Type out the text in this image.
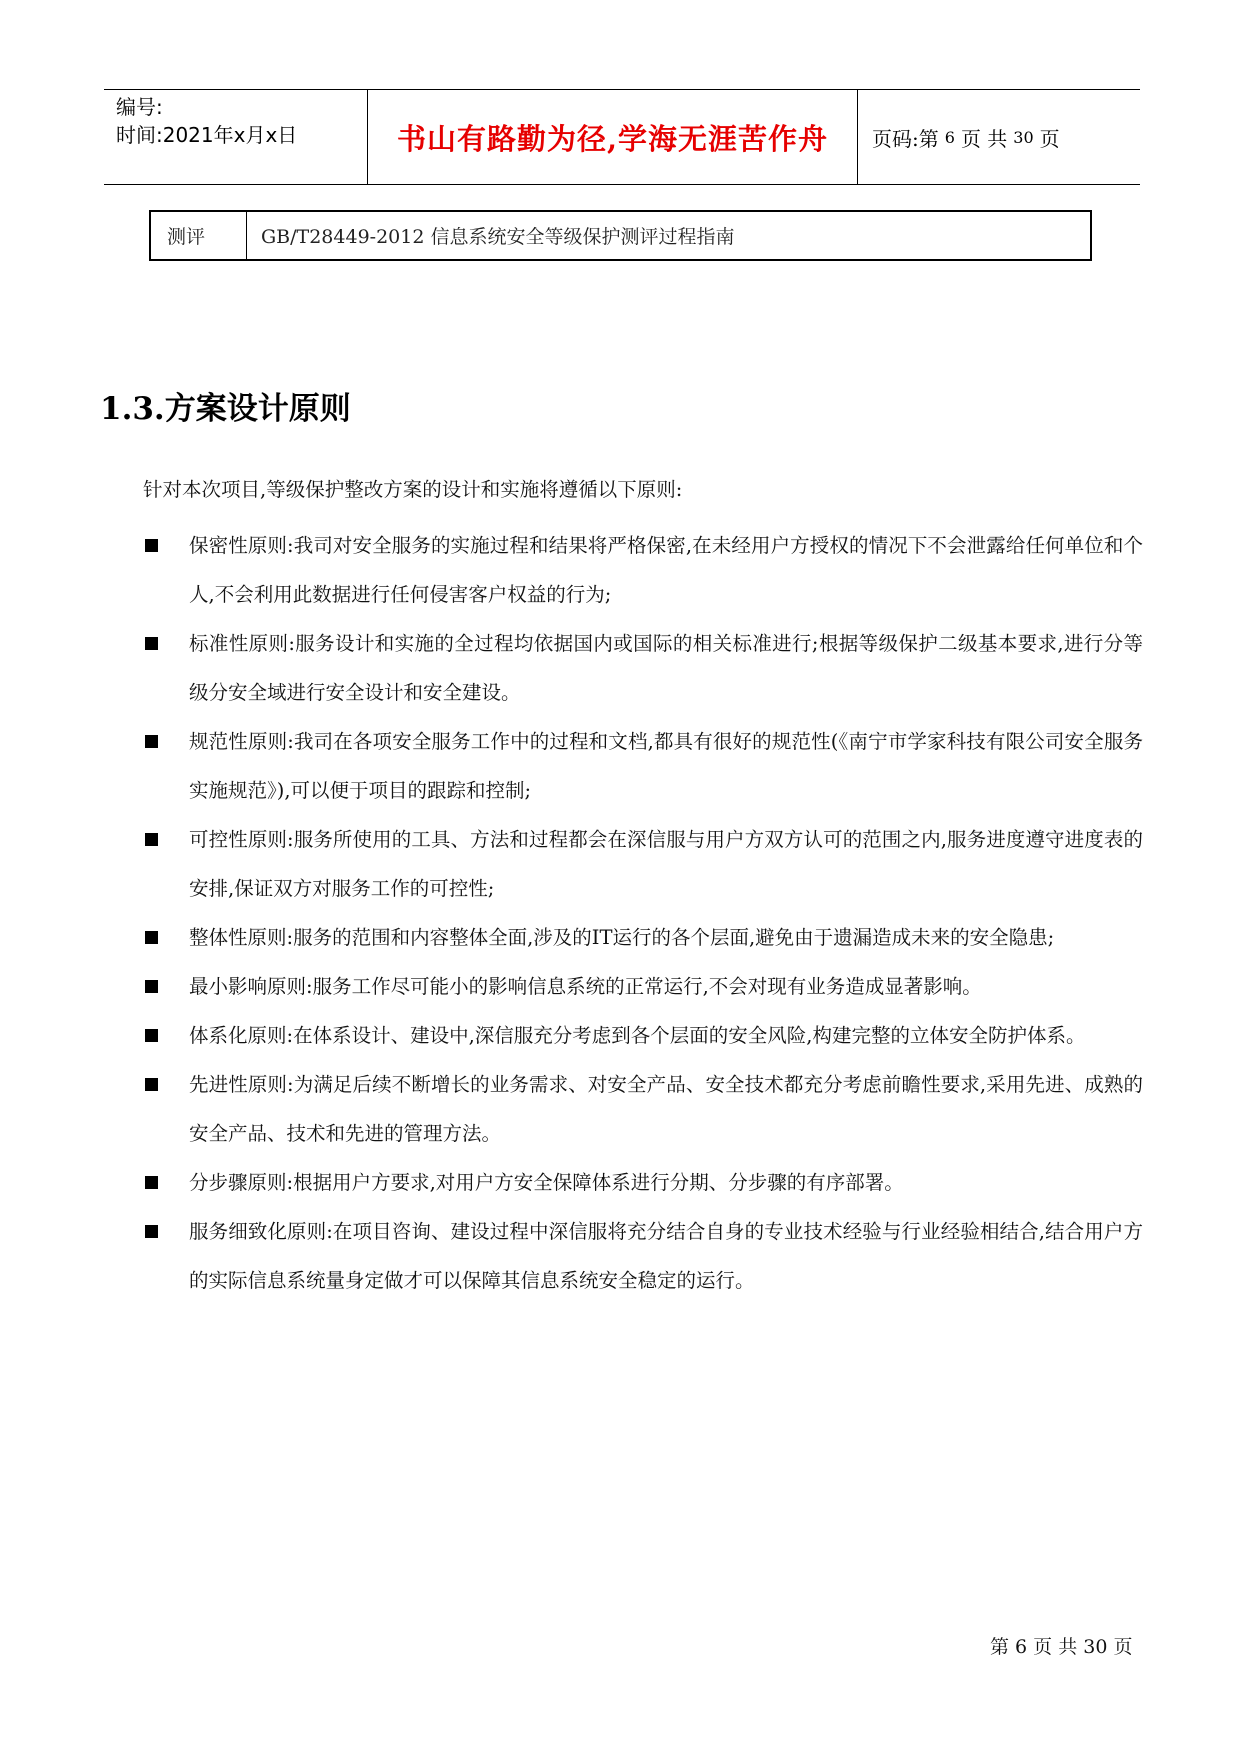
编号:
时间:2021年x月x日	书山有路勤为径,学海无涯苦作舟 页码:第 6 页 共 30 页
测评	GB/T28449-2012 信息系统安全等级保护测评过程指南
1.3.方案设计原则
针对本次项目,等级保护整改方案的设计和实施将遵循以下原则:
保密性原则:我司对安全服务的实施过程和结果将严格保密,在未经用户方授权的情况下不会泄露给任何单位和个人,不会利用此数据进行任何侵害客户权益的行为;
标准性原则:服务设计和实施的全过程均依据国内或国际的相关标准进行;根据等级保护二级基本要求,进行分等级分安全域进行安全设计和安全建设。
规范性原则:我司在各项安全服务工作中的过程和文档,都具有很好的规范性(《南宁市学家科技有限公司安全服务实施规范》),可以便于项目的跟踪和控制;
可控性原则:服务所使用的工具、方法和过程都会在深信服与用户方双方认可的范围之内,服务进度遵守进度表的安排,保证双方对服务工作的可控性;
整体性原则:服务的范围和内容整体全面,涉及的IT运行的各个层面,避免由于遗漏造成未来的安全隐患;
最小影响原则:服务工作尽可能小的影响信息系统的正常运行,不会对现有业务造成显著影响。
体系化原则:在体系设计、建设中,深信服充分考虑到各个层面的安全风险,构建完整的立体安全防护体系。
先进性原则:为满足后续不断增长的业务需求、对安全产品、安全技术都充分考虑前瞻性要求,采用先进、成熟的安全产品、技术和先进的管理方法。
分步骤原则:根据用户方要求,对用户方安全保障体系进行分期、分步骤的有序部署。
服务细致化原则:在项目咨询、建设过程中深信服将充分结合自身的专业技术经验与行业经验相结合,结合用户方的实际信息系统量身定做才可以保障其信息系统安全稳定的运行。
第 6 页 共 30 页
